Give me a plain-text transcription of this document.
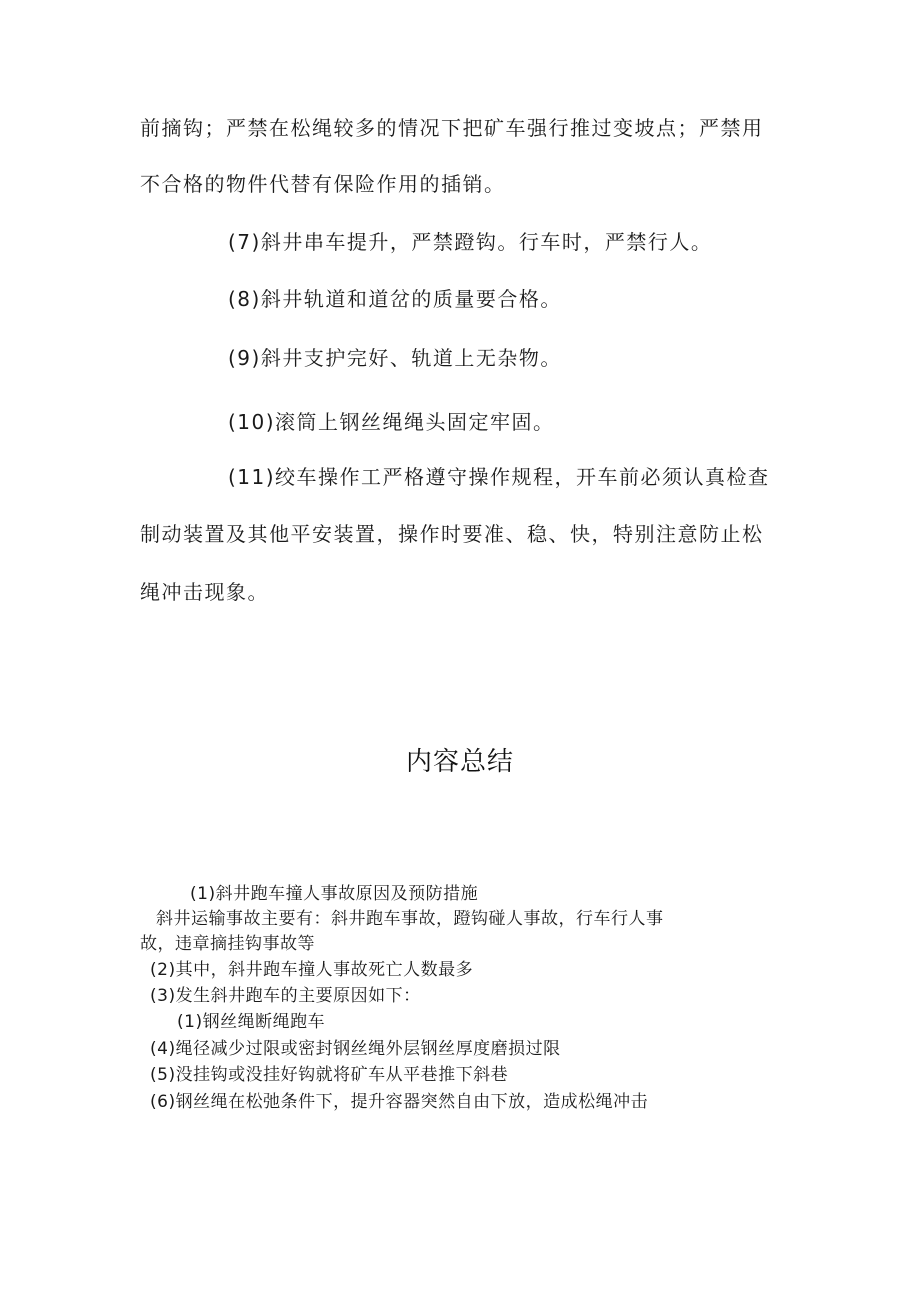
前摘钩；严禁在松绳较多的情况下把矿车强行推过变坡点；严禁用
不合格的物件代替有保险作用的插销。
(7)斜井串车提升，严禁蹬钩。行车时，严禁行人。
(8)斜井轨道和道岔的质量要合格。
(9)斜井支护完好、轨道上无杂物。
(10)滚筒上钢丝绳绳头固定牢固。
(11)绞车操作工严格遵守操作规程，开车前必须认真检查
制动装置及其他平安装置，操作时要准、稳、快，特别注意防止松
绳冲击现象。
内容总结
(1)斜井跑车撞人事故原因及预防措施
斜井运输事故主要有：斜井跑车事故，蹬钩碰人事故，行车行人事
故，违章摘挂钩事故等
(2)其中，斜井跑车撞人事故死亡人数最多
(3)发生斜井跑车的主要原因如下：
(1)钢丝绳断绳跑车
(4)绳径减少过限或密封钢丝绳外层钢丝厚度磨损过限
(5)没挂钩或没挂好钩就将矿车从平巷推下斜巷
(6)钢丝绳在松弛条件下，提升容器突然自由下放，造成松绳冲击
